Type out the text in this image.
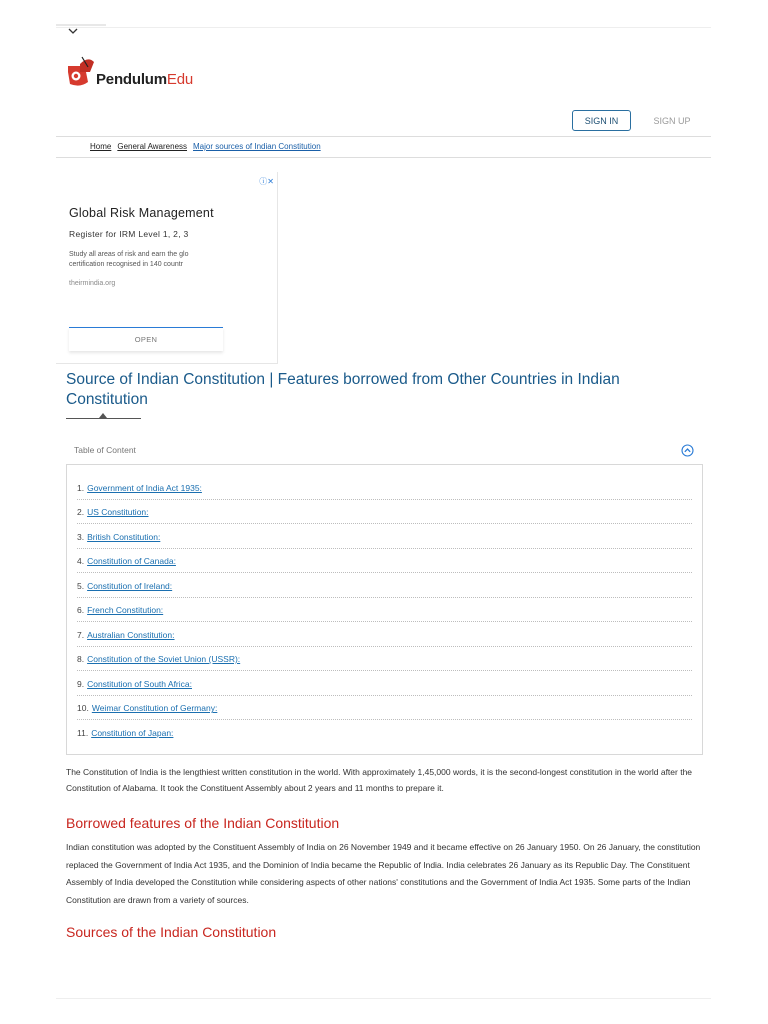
PendulumEdu
SIGN IN	SIGN UP
Home General Awareness Major sources of Indian Constitution
ⓘ✕
Global Risk Management
Register for IRM Level 1, 2, 3
Study all areas of risk and earn the glo
certification recognised in 140 countr
theirmindia.org
OPEN
Source of Indian Constitution | Features borrowed from Other Countries in Indian Constitution
Table of Content
1. Government of India Act 1935:
2. US Constitution:
3. British Constitution:
4. Constitution of Canada:
5. Constitution of Ireland:
6. French Constitution:
7. Australian Constitution:
8. Constitution of the Soviet Union (USSR):
9. Constitution of South Africa:
10. Weimar Constitution of Germany:
11. Constitution of Japan:

The Constitution of India is the lengthiest written constitution in the world. With approximately 1,45,000 words, it is the second-longest constitution in the world after the Constitution of Alabama. It took the Constituent Assembly about 2 years and 11 months to prepare it.

Borrowed features of the Indian Constitution

Indian constitution was adopted by the Constituent Assembly of India on 26 November 1949 and it became effective on 26 January 1950. On 26 January, the constitution replaced the Government of India Act 1935, and the Dominion of India became the Republic of India. India celebrates 26 January as its Republic Day. The Constituent Assembly of India developed the Constitution while considering aspects of other nations' constitutions and the Government of India Act 1935. Some parts of the Indian Constitution are drawn from a variety of sources.

Sources of the Indian Constitution
